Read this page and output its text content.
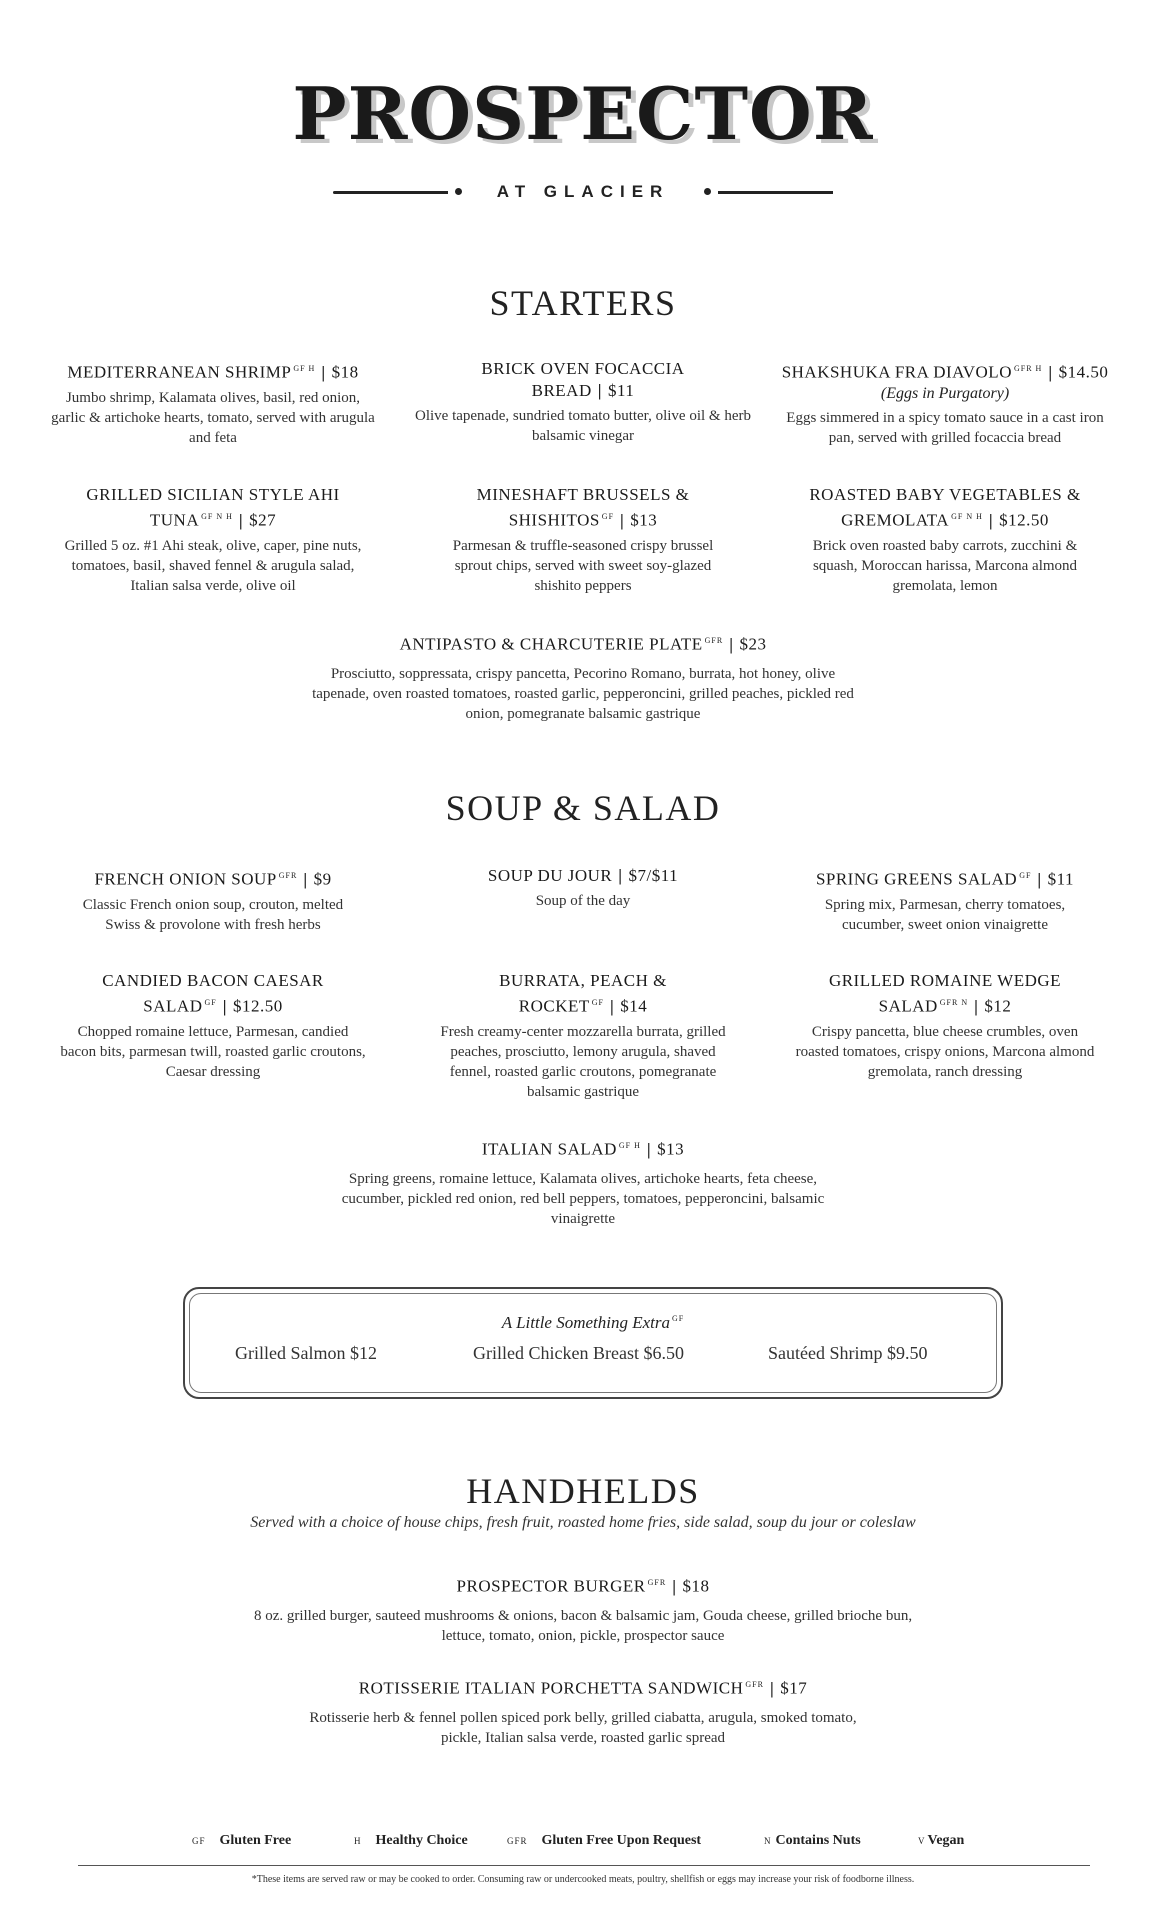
PROSPECTOR
AT GLACIER
STARTERS
MEDITERRANEAN SHRIMP $^{GF H}$ | $18
Jumbo shrimp, Kalamata olives, basil, red onion, garlic & artichoke hearts, tomato, served with arugula and feta
BRICK OVEN FOCACCIA BREAD | $11
Olive tapenade, sundried tomato butter, olive oil & herb balsamic vinegar
SHAKSHUKA FRA DIAVOLO $^{GFR H}$ | $14.50
(Eggs in Purgatory)
Eggs simmered in a spicy tomato sauce in a cast iron pan, served with grilled focaccia bread
GRILLED SICILIAN STYLE AHI TUNA $^{GF N H}$ | $27
Grilled 5 oz. #1 Ahi steak, olive, caper, pine nuts, tomatoes, basil, shaved fennel & arugula salad, Italian salsa verde, olive oil
MINESHAFT BRUSSELS & SHISHITOS $^{GF}$ | $13
Parmesan & truffle-seasoned crispy brussel sprout chips, served with sweet soy-glazed shishito peppers
ROASTED BABY VEGETABLES & GREMOLATA $^{GF N H}$ | $12.50
Brick oven roasted baby carrots, zucchini & squash, Moroccan harissa, Marcona almond gremolata, lemon
ANTIPASTO & CHARCUTERIE PLATE $^{GFR}$ | $23
Prosciutto, soppressata, crispy pancetta, Pecorino Romano, burrata, hot honey, olive tapenade, oven roasted tomatoes, roasted garlic, pepperoncini, grilled peaches, pickled red onion, pomegranate balsamic gastrique
SOUP & SALAD
FRENCH ONION SOUP $^{GFR}$ | $9
Classic French onion soup, crouton, melted Swiss & provolone with fresh herbs
SOUP DU JOUR | $7/$11
Soup of the day
SPRING GREENS SALAD $^{GF}$ | $11
Spring mix, Parmesan, cherry tomatoes, cucumber, sweet onion vinaigrette
CANDIED BACON CAESAR SALAD $^{GF}$ | $12.50
Chopped romaine lettuce, Parmesan, candied bacon bits, parmesan twill, roasted garlic croutons, Caesar dressing
BURRATA, PEACH & ROCKET $^{GF}$ | $14
Fresh creamy-center mozzarella burrata, grilled peaches, prosciutto, lemony arugula, shaved fennel, roasted garlic croutons, pomegranate balsamic gastrique
GRILLED ROMAINE WEDGE SALAD $^{GFR N}$ | $12
Crispy pancetta, blue cheese crumbles, oven roasted tomatoes, crispy onions, Marcona almond gremolata, ranch dressing
ITALIAN SALAD $^{GF H}$ | $13
Spring greens, romaine lettuce, Kalamata olives, artichoke hearts, feta cheese, cucumber, pickled red onion, red bell peppers, tomatoes, pepperoncini, balsamic vinaigrette
A Little Something Extra $^{GF}$
Grilled Salmon $12	Grilled Chicken Breast $6.50	Sautéed Shrimp $9.50
HANDHELDS
Served with a choice of house chips, fresh fruit, roasted home fries, side salad, soup du jour or coleslaw
PROSPECTOR BURGER $^{GFR}$ | $18
8 oz. grilled burger, sauteed mushrooms & onions, bacon & balsamic jam, Gouda cheese, grilled brioche bun, lettuce, tomato, onion, pickle, prospector sauce
ROTISSERIE ITALIAN PORCHETTA SANDWICH $^{GFR}$ | $17
Rotisserie herb & fennel pollen spiced pork belly, grilled ciabatta, arugula, smoked tomato, pickle, Italian salsa verde, roasted garlic spread
GF Gluten Free	H Healthy Choice	GFR Gluten Free Upon Request	N Contains Nuts	V Vegan
*These items are served raw or may be cooked to order. Consuming raw or undercooked meats, poultry, shellfish or eggs may increase your risk of foodborne illness.
